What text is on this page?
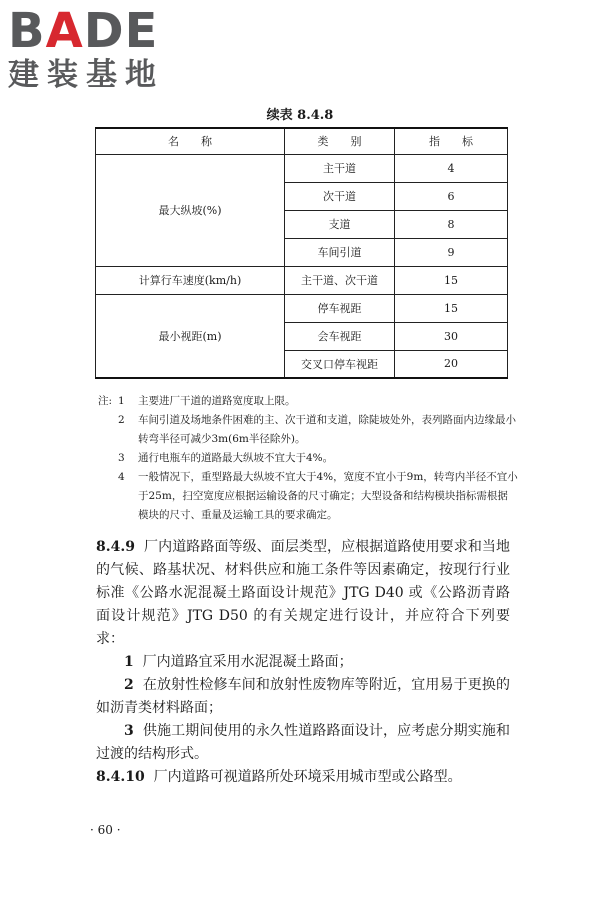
BADE
建装基地
续表 8.4.8
名　　称	类　　别	指　　标
最大纵坡(%)	主干道	4
	次干道	6
	支道	8
	车间引道	9
计算行车速度(km/h)	主干道、次干道	15
最小视距(m)	停车视距	15
	会车视距	30
	交叉口停车视距	20
注: 1 主要进厂干道的道路宽度取上限。
2 车间引道及场地条件困难的主、次干道和支道，除陡坡处外，表列路面内边缘最小转弯半径可减少3m(6m半径除外)。
3 通行电瓶车的道路最大纵坡不宜大于4%。
4 一般情况下，重型路最大纵坡不宜大于4%，宽度不宜小于9m，转弯内半径不宜小于25m，扫空宽度应根据运输设备的尺寸确定；大型设备和结构模块指标需根据模块的尺寸、重量及运输工具的要求确定。
8.4.9 厂内道路路面等级、面层类型，应根据道路使用要求和当地的气候、路基状况、材料供应和施工条件等因素确定，按现行行业标准《公路水泥混凝土路面设计规范》JTG D40 或《公路沥青路面设计规范》JTG D50 的有关规定进行设计，并应符合下列要求：
1 厂内道路宜采用水泥混凝土路面；
2 在放射性检修车间和放射性废物库等附近，宜用易于更换的如沥青类材料路面；
3 供施工期间使用的永久性道路路面设计，应考虑分期实施和过渡的结构形式。
8.4.10 厂内道路可视道路所处环境采用城市型或公路型。
· 60 ·
